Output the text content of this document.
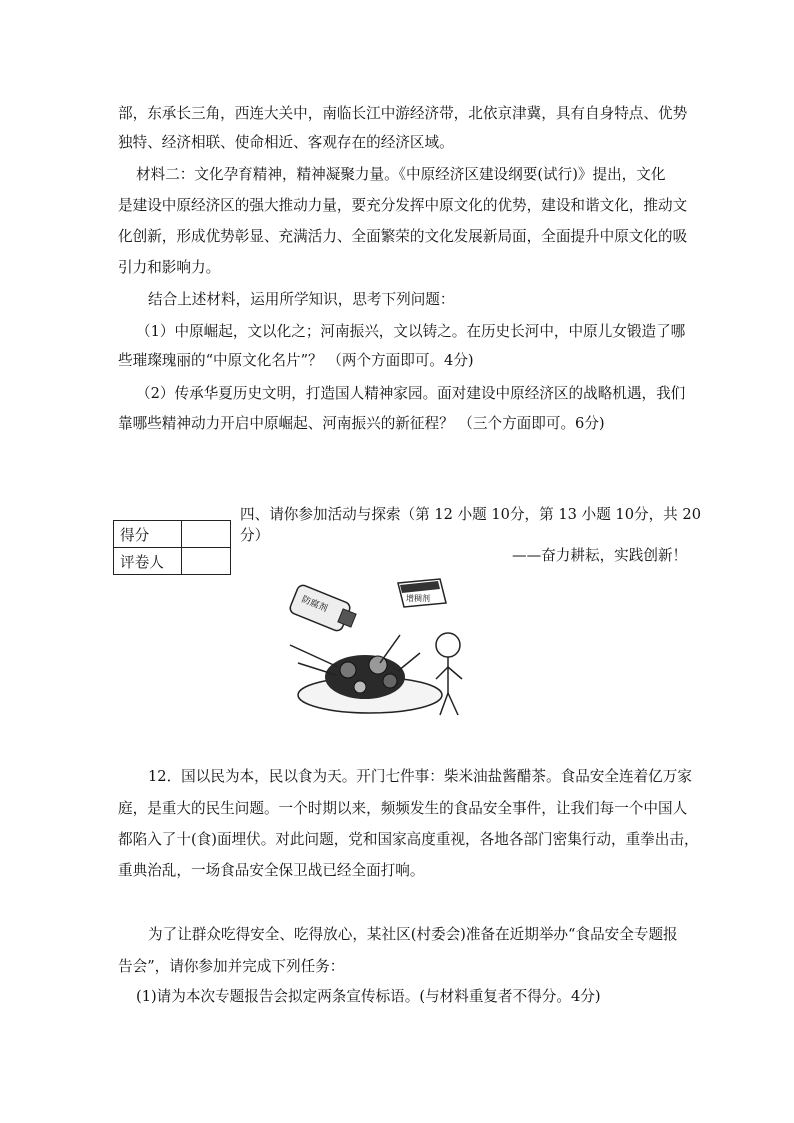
部，东承长三角，西连大关中，南临长江中游经济带，北依京津冀，具有自身特点、优势
独特、经济相联、使命相近、客观存在的经济区域。
材料二：文化孕育精神，精神凝聚力量。《中原经济区建设纲要(试行)》提出，文化
是建设中原经济区的强大推动力量，要充分发挥中原文化的优势，建设和谐文化，推动文
化创新，形成优势彰显、充满活力、全面繁荣的文化发展新局面，全面提升中原文化的吸
引力和影响力。
结合上述材料，运用所学知识，思考下列问题：
（1）中原崛起，文以化之；河南振兴，文以铸之。在历史长河中，中原儿女锻造了哪
些璀璨瑰丽的“中原文化名片”？ （两个方面即可。4分)
（2）传承华夏历史文明，打造国人精神家园。面对建设中原经济区的战略机遇，我们
靠哪些精神动力开启中原崛起、河南振兴的新征程？ （三个方面即可。6分)
得分	
评卷人	
四、请你参加活动与探索（第 12 小题 10分，第 13 小题 10分，共 20
分）
——奋力耕耘，实践创新！
防腐剂	增稠剂
12．国以民为本，民以食为天。开门七件事：柴米油盐酱醋茶。食品安全连着亿万家
庭，是重大的民生问题。一个时期以来，频频发生的食品安全事件，让我们每一个中国人
都陷入了十(食)面埋伏。对此问题，党和国家高度重视，各地各部门密集行动，重拳出击，
重典治乱，一场食品安全保卫战已经全面打响。
为了让群众吃得安全、吃得放心，某社区(村委会)准备在近期举办“食品安全专题报
告会”，请你参加并完成下列任务：
(1)请为本次专题报告会拟定两条宣传标语。(与材料重复者不得分。4分)
